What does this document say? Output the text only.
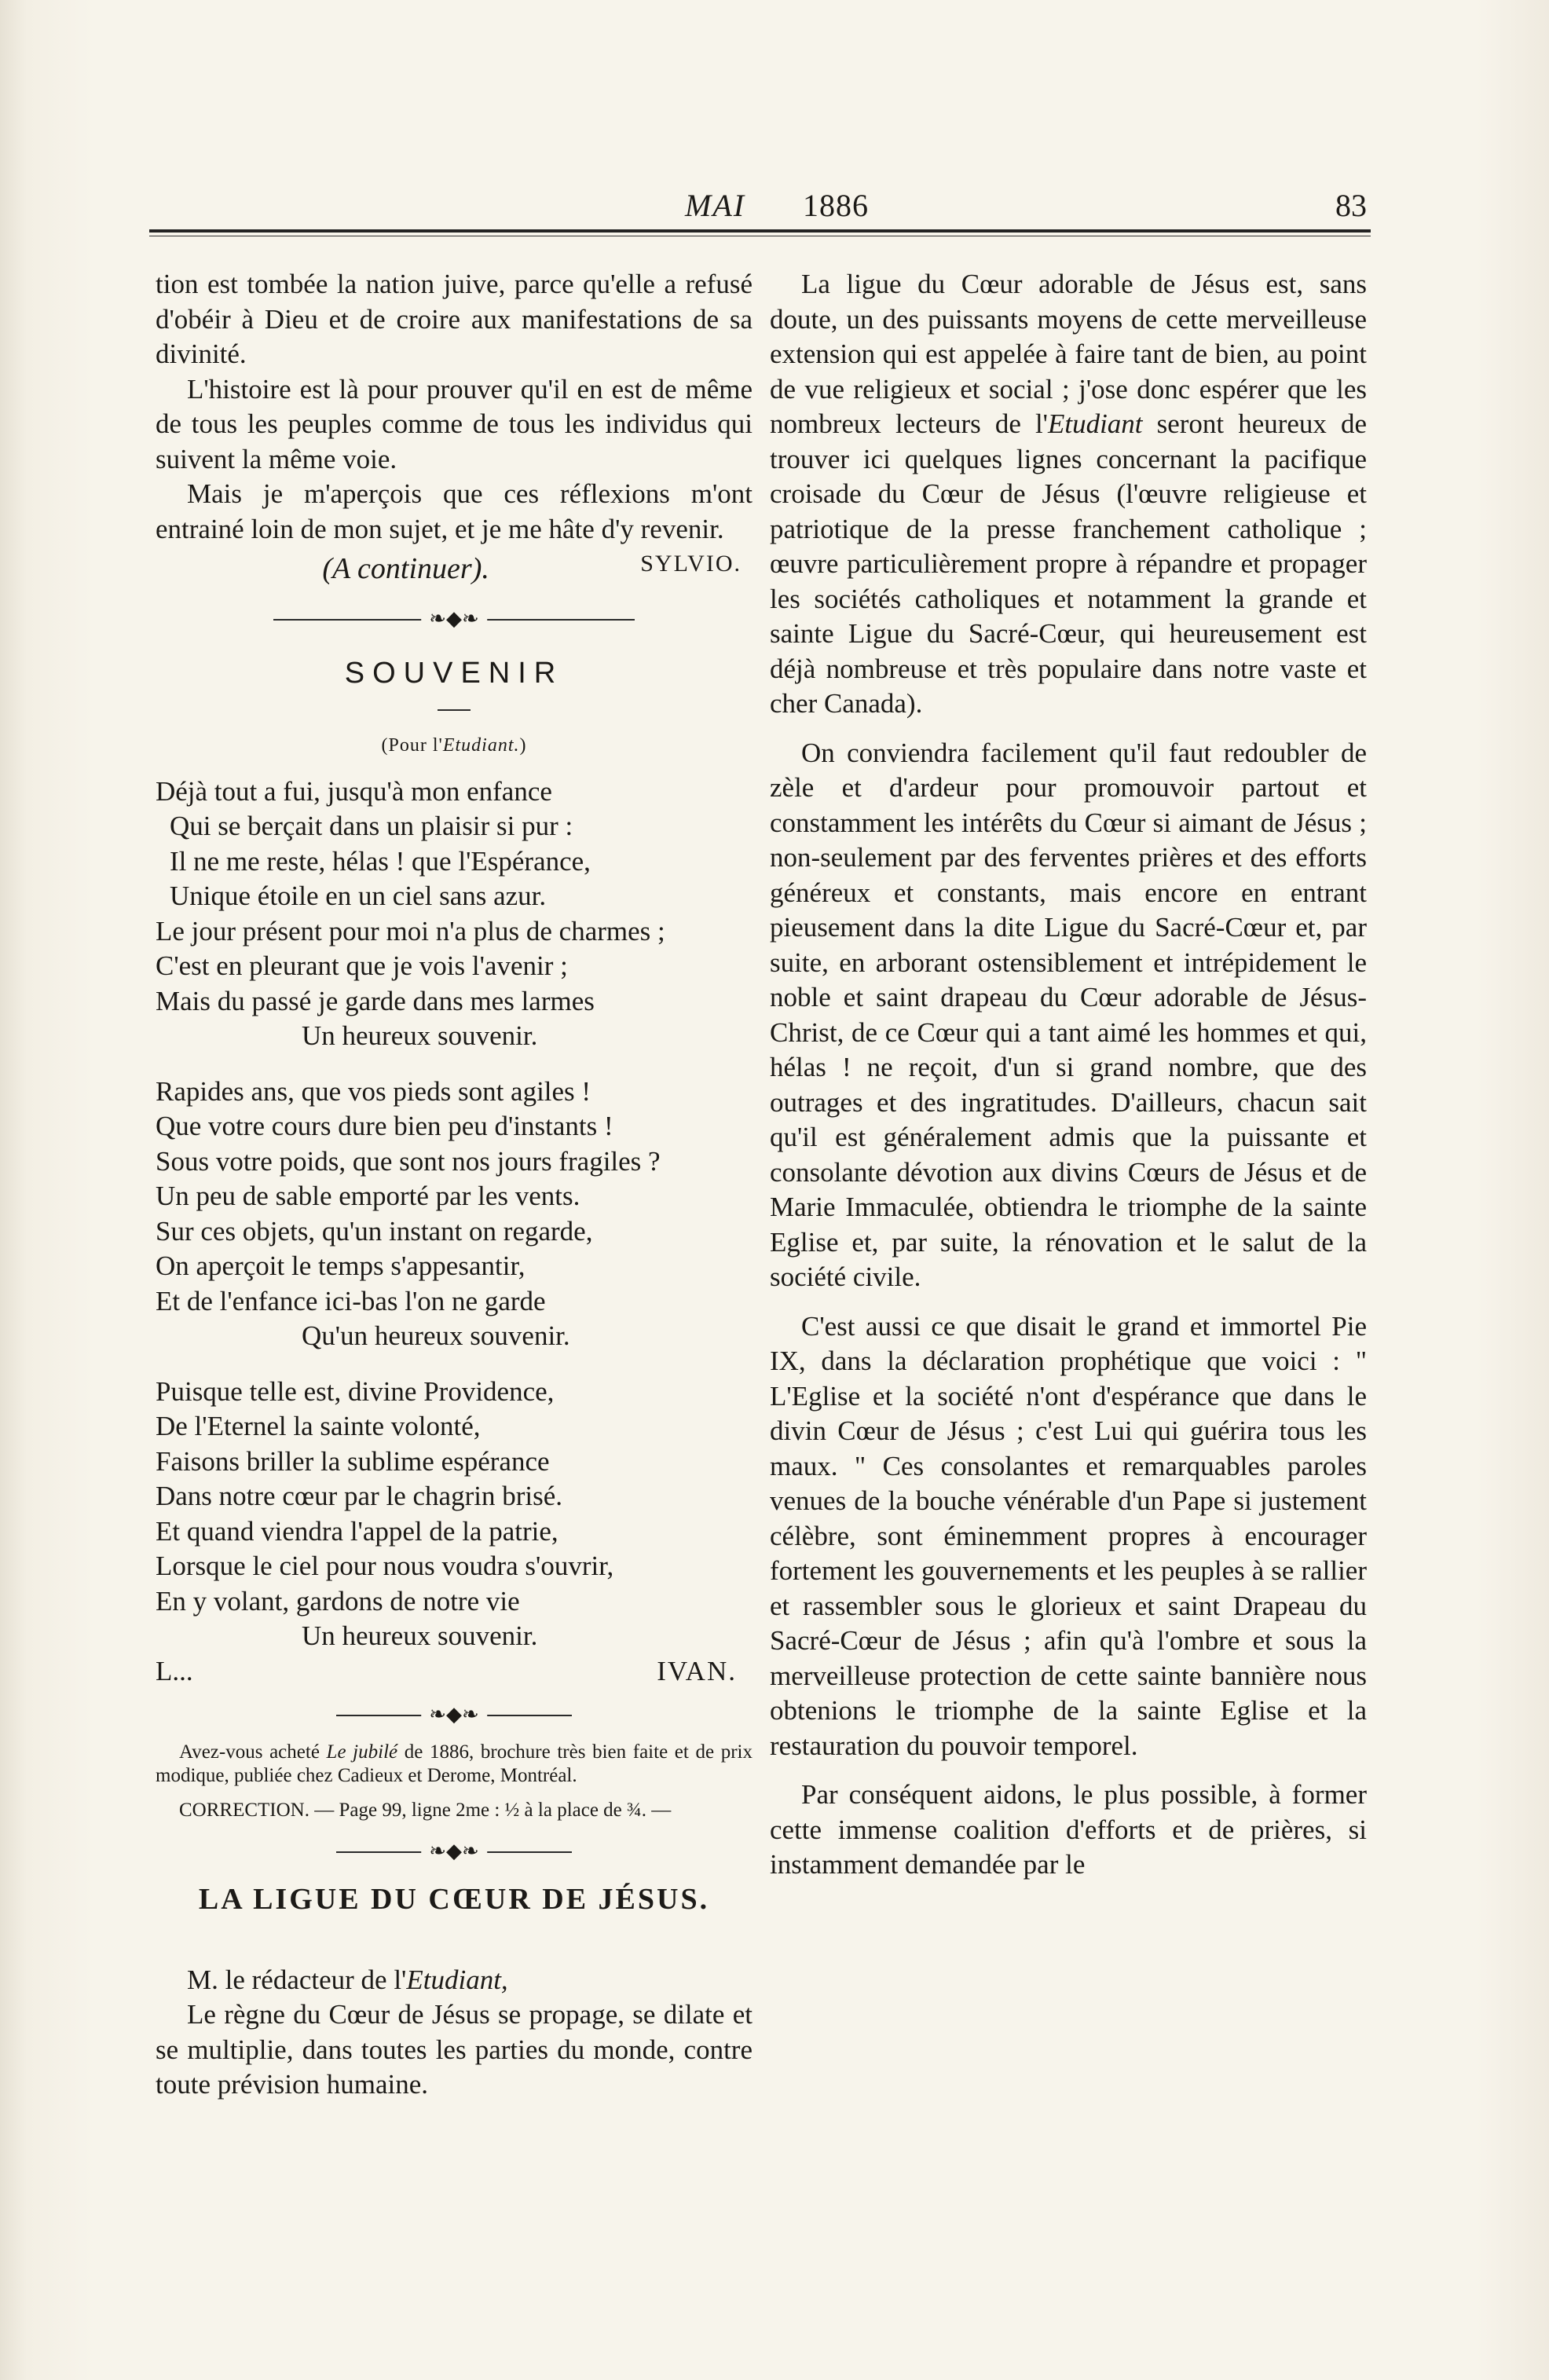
MAI 1886	83

tion est tombée la nation juive, parce qu'elle a refusé d'obéir à Dieu et de croire aux manifestations de sa divinité.

L'histoire est là pour prouver qu'il en est de même de tous les peuples comme de tous les individus qui suivent la même voie.

Mais je m'aperçois que ces réflexions m'ont entrainé loin de mon sujet, et je me hâte d'y revenir.
SYLVIO.

(A continuer).

❧◆❧
SOUVENIR
(Pour l'Etudiant.)

Déjà tout a fui, jusqu'à mon enfance

Qui se berçait dans un plaisir si pur :

Il ne me reste, hélas ! que l'Espérance,

Unique étoile en un ciel sans azur.

Le jour présent pour moi n'a plus de charmes ;

C'est en pleurant que je vois l'avenir ;

Mais du passé je garde dans mes larmes

Un heureux souvenir.

Rapides ans, que vos pieds sont agiles !

Que votre cours dure bien peu d'instants !

Sous votre poids, que sont nos jours fragiles ?

Un peu de sable emporté par les vents.

Sur ces objets, qu'un instant on regarde,

On aperçoit le temps s'appesantir,

Et de l'enfance ici-bas l'on ne garde

Qu'un heureux souvenir.

Puisque telle est, divine Providence,

De l'Eternel la sainte volonté,

Faisons briller la sublime espérance

Dans notre cœur par le chagrin brisé.

Et quand viendra l'appel de la patrie,

Lorsque le ciel pour nous voudra s'ouvrir,

En y volant, gardons de notre vie

Un heureux souvenir.

L...	IVAN.
❧◆❧

Avez-vous acheté Le jubilé de 1886, brochure très bien faite et de prix modique, publiée chez Cadieux et Derome, Montréal.

CORRECTION. — Page 99, ligne 2me : ½ à la place de ¾. —

❧◆❧
LA LIGUE DU CŒUR DE JÉSUS.

M. le rédacteur de l'Etudiant,

Le règne du Cœur de Jésus se propage, se dilate et se multiplie, dans toutes les parties du monde, contre toute prévision humaine.

La ligue du Cœur adorable de Jésus est, sans doute, un des puissants moyens de cette merveilleuse extension qui est appelée à faire tant de bien, au point de vue religieux et social ; j'ose donc espérer que les nombreux lecteurs de l'Etudiant seront heureux de trouver ici quelques lignes concernant la pacifique croisade du Cœur de Jésus (l'œuvre religieuse et patriotique de la presse franchement catholique ; œuvre particulièrement propre à répandre et propager les sociétés catholiques et notamment la grande et sainte Ligue du Sacré-Cœur, qui heureusement est déjà nombreuse et très populaire dans notre vaste et cher Canada).

On conviendra facilement qu'il faut redoubler de zèle et d'ardeur pour promouvoir partout et constamment les intérêts du Cœur si aimant de Jésus ; non-seulement par des ferventes prières et des efforts généreux et constants, mais encore en entrant pieusement dans la dite Ligue du Sacré-Cœur et, par suite, en arborant ostensiblement et intrépidement le noble et saint drapeau du Cœur adorable de Jésus-Christ, de ce Cœur qui a tant aimé les hommes et qui, hélas ! ne reçoit, d'un si grand nombre, que des outrages et des ingratitudes. D'ailleurs, chacun sait qu'il est généralement admis que la puissante et consolante dévotion aux divins Cœurs de Jésus et de Marie Immaculée, obtiendra le triomphe de la sainte Eglise et, par suite, la rénovation et le salut de la société civile.

C'est aussi ce que disait le grand et immortel Pie IX, dans la déclaration prophétique que voici : " L'Eglise et la société n'ont d'espérance que dans le divin Cœur de Jésus ; c'est Lui qui guérira tous les maux. " Ces consolantes et remarquables paroles venues de la bouche vénérable d'un Pape si justement célèbre, sont éminemment propres à encourager fortement les gouvernements et les peuples à se rallier et rassembler sous le glorieux et saint Drapeau du Sacré-Cœur de Jésus ; afin qu'à l'ombre et sous la merveilleuse protection de cette sainte bannière nous obtenions le triomphe de la sainte Eglise et la restauration du pouvoir temporel.

Par conséquent aidons, le plus possible, à former cette immense coalition d'efforts et de prières, si instamment demandée par le
